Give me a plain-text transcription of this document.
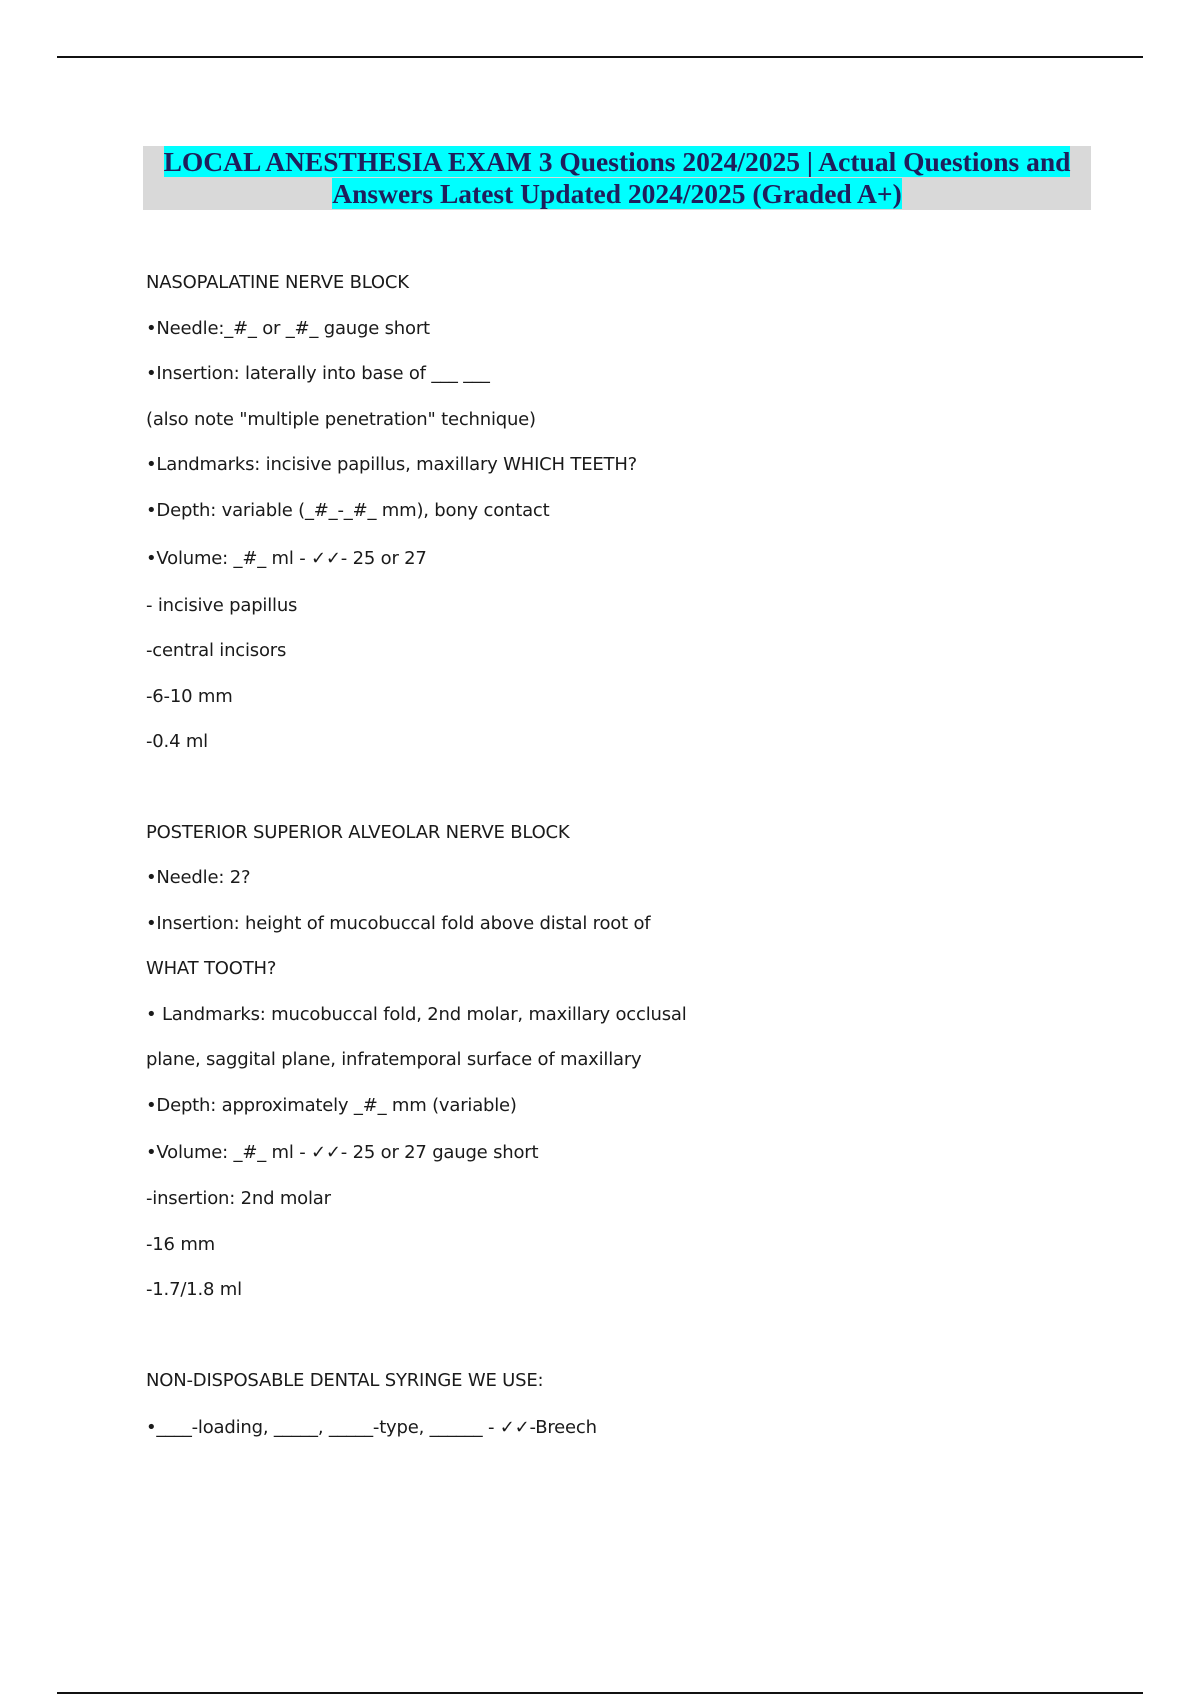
LOCAL ANESTHESIA EXAM 3 Questions 2024/2025 | Actual Questions and
Answers Latest Updated 2024/2025 (Graded A+)
NASOPALATINE NERVE BLOCK
•Needle:_#_ or _#_ gauge short
•Insertion: laterally into base of ___ ___
(also note "multiple penetration" technique)
•Landmarks: incisive papillus, maxillary WHICH TEETH?
•Depth: variable (_#_-_#_ mm), bony contact
•Volume: _#_ ml - ✓✓- 25 or 27
- incisive papillus
-central incisors
-6-10 mm
-0.4 ml
POSTERIOR SUPERIOR ALVEOLAR NERVE BLOCK
•Needle: 2?
•Insertion: height of mucobuccal fold above distal root of
WHAT TOOTH?
• Landmarks: mucobuccal fold, 2nd molar, maxillary occlusal
plane, saggital plane, infratemporal surface of maxillary
•Depth: approximately _#_ mm (variable)
•Volume: _#_ ml - ✓✓- 25 or 27 gauge short
-insertion: 2nd molar
-16 mm
-1.7/1.8 ml
NON-DISPOSABLE DENTAL SYRINGE WE USE:
•____-loading, _____, _____-type, ______ - ✓✓-Breech
